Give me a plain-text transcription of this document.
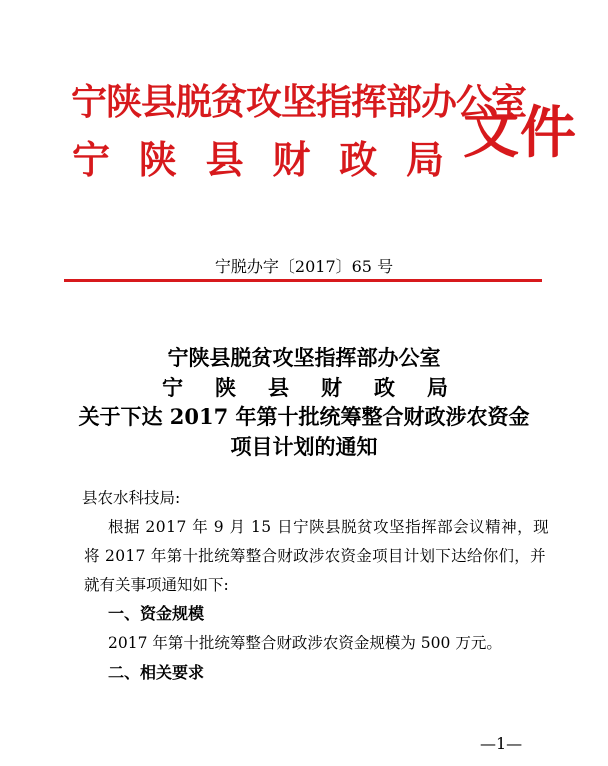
宁陕县脱贫攻坚指挥部办公室
宁 陕 县 财 政 局 文件
宁脱办字〔2017〕65 号
宁陕县脱贫攻坚指挥部办公室
宁 陕 县 财 政 局
关于下达 2017 年第十批统筹整合财政涉农资金
项目计划的通知
县农水科技局:
根据 2017 年 9 月 15 日宁陕县脱贫攻坚指挥部会议精神，现
将 2017 年第十批统筹整合财政涉农资金项目计划下达给你们，并
就有关事项通知如下:
一、资金规模
2017 年第十批统筹整合财政涉农资金规模为 500 万元。
二、相关要求
—1—
